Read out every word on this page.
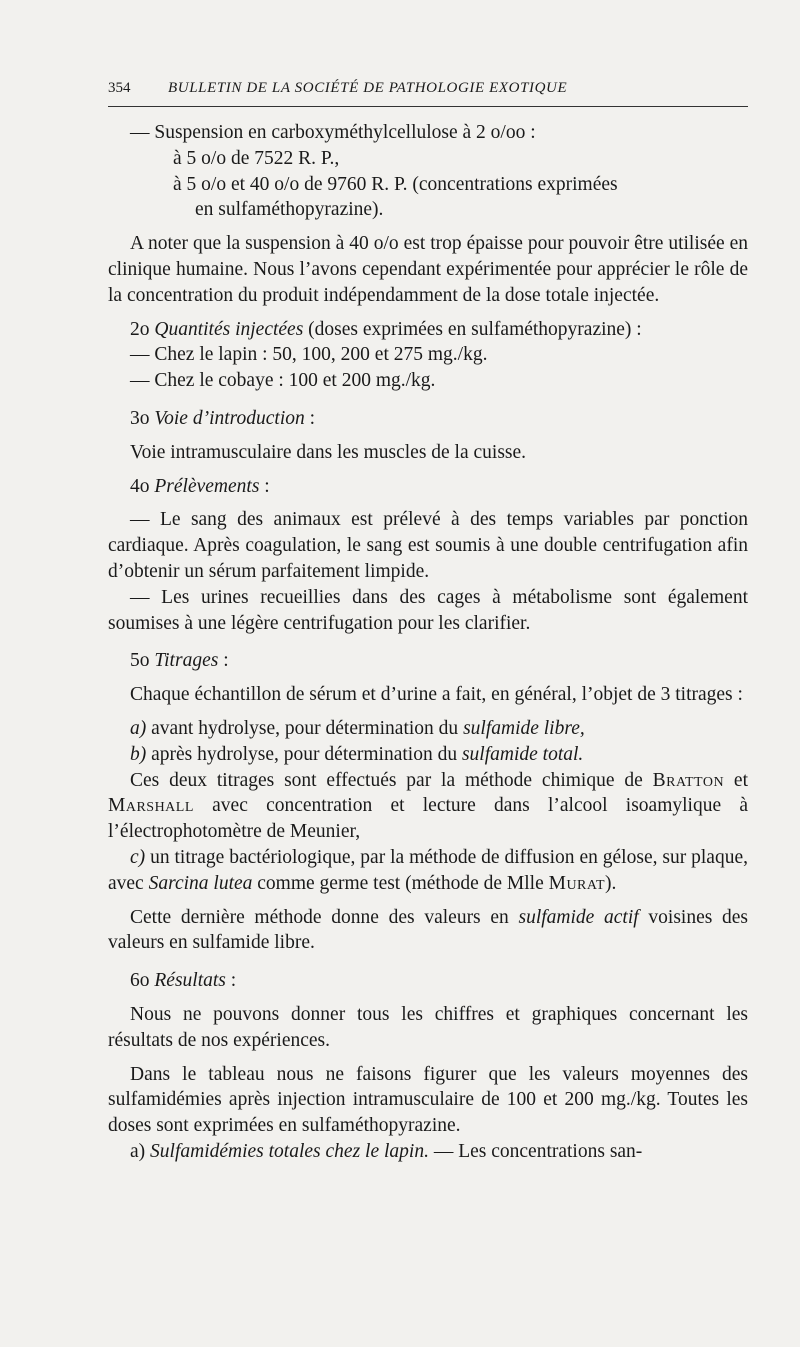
354	BULLETIN DE LA SOCIÉTÉ DE PATHOLOGIE EXOTIQUE

— Suspension en carboxyméthylcellulose à 2 o/oo :

à 5 o/o de 7522 R. P.,

à 5 o/o et 40 o/o de 9760 R. P. (concentrations exprimées

en sulfaméthopyrazine).

A noter que la suspension à 40 o/o est trop épaisse pour pouvoir être utilisée en clinique humaine. Nous l’avons cependant expérimentée pour apprécier le rôle de la concentration du produit indépendamment de la dose totale injectée.

2o Quantités injectées (doses exprimées en sulfaméthopyrazine) :

— Chez le lapin : 50, 100, 200 et 275 mg./kg.

— Chez le cobaye : 100 et 200 mg./kg.

3o Voie d’introduction :

Voie intramusculaire dans les muscles de la cuisse.

4o Prélèvements :

— Le sang des animaux est prélevé à des temps variables par ponction cardiaque. Après coagulation, le sang est soumis à une double centrifugation afin d’obtenir un sérum parfaitement limpide.

— Les urines recueillies dans des cages à métabolisme sont également soumises à une légère centrifugation pour les clarifier.

5o Titrages :

Chaque échantillon de sérum et d’urine a fait, en général, l’objet de 3 titrages :

a) avant hydrolyse, pour détermination du sulfamide libre,

b) après hydrolyse, pour détermination du sulfamide total.

Ces deux titrages sont effectués par la méthode chimique de Bratton et Marshall avec concentration et lecture dans l’alcool isoamylique à l’électrophotomètre de Meunier,

c) un titrage bactériologique, par la méthode de diffusion en gélose, sur plaque, avec Sarcina lutea comme germe test (méthode de Mlle Murat).

Cette dernière méthode donne des valeurs en sulfamide actif voisines des valeurs en sulfamide libre.

6o Résultats :

Nous ne pouvons donner tous les chiffres et graphiques concernant les résultats de nos expériences.

Dans le tableau nous ne faisons figurer que les valeurs moyennes des sulfamidémies après injection intramusculaire de 100 et 200 mg./kg. Toutes les doses sont exprimées en sulfaméthopyrazine.

a) Sulfamidémies totales chez le lapin. — Les concentrations san-
